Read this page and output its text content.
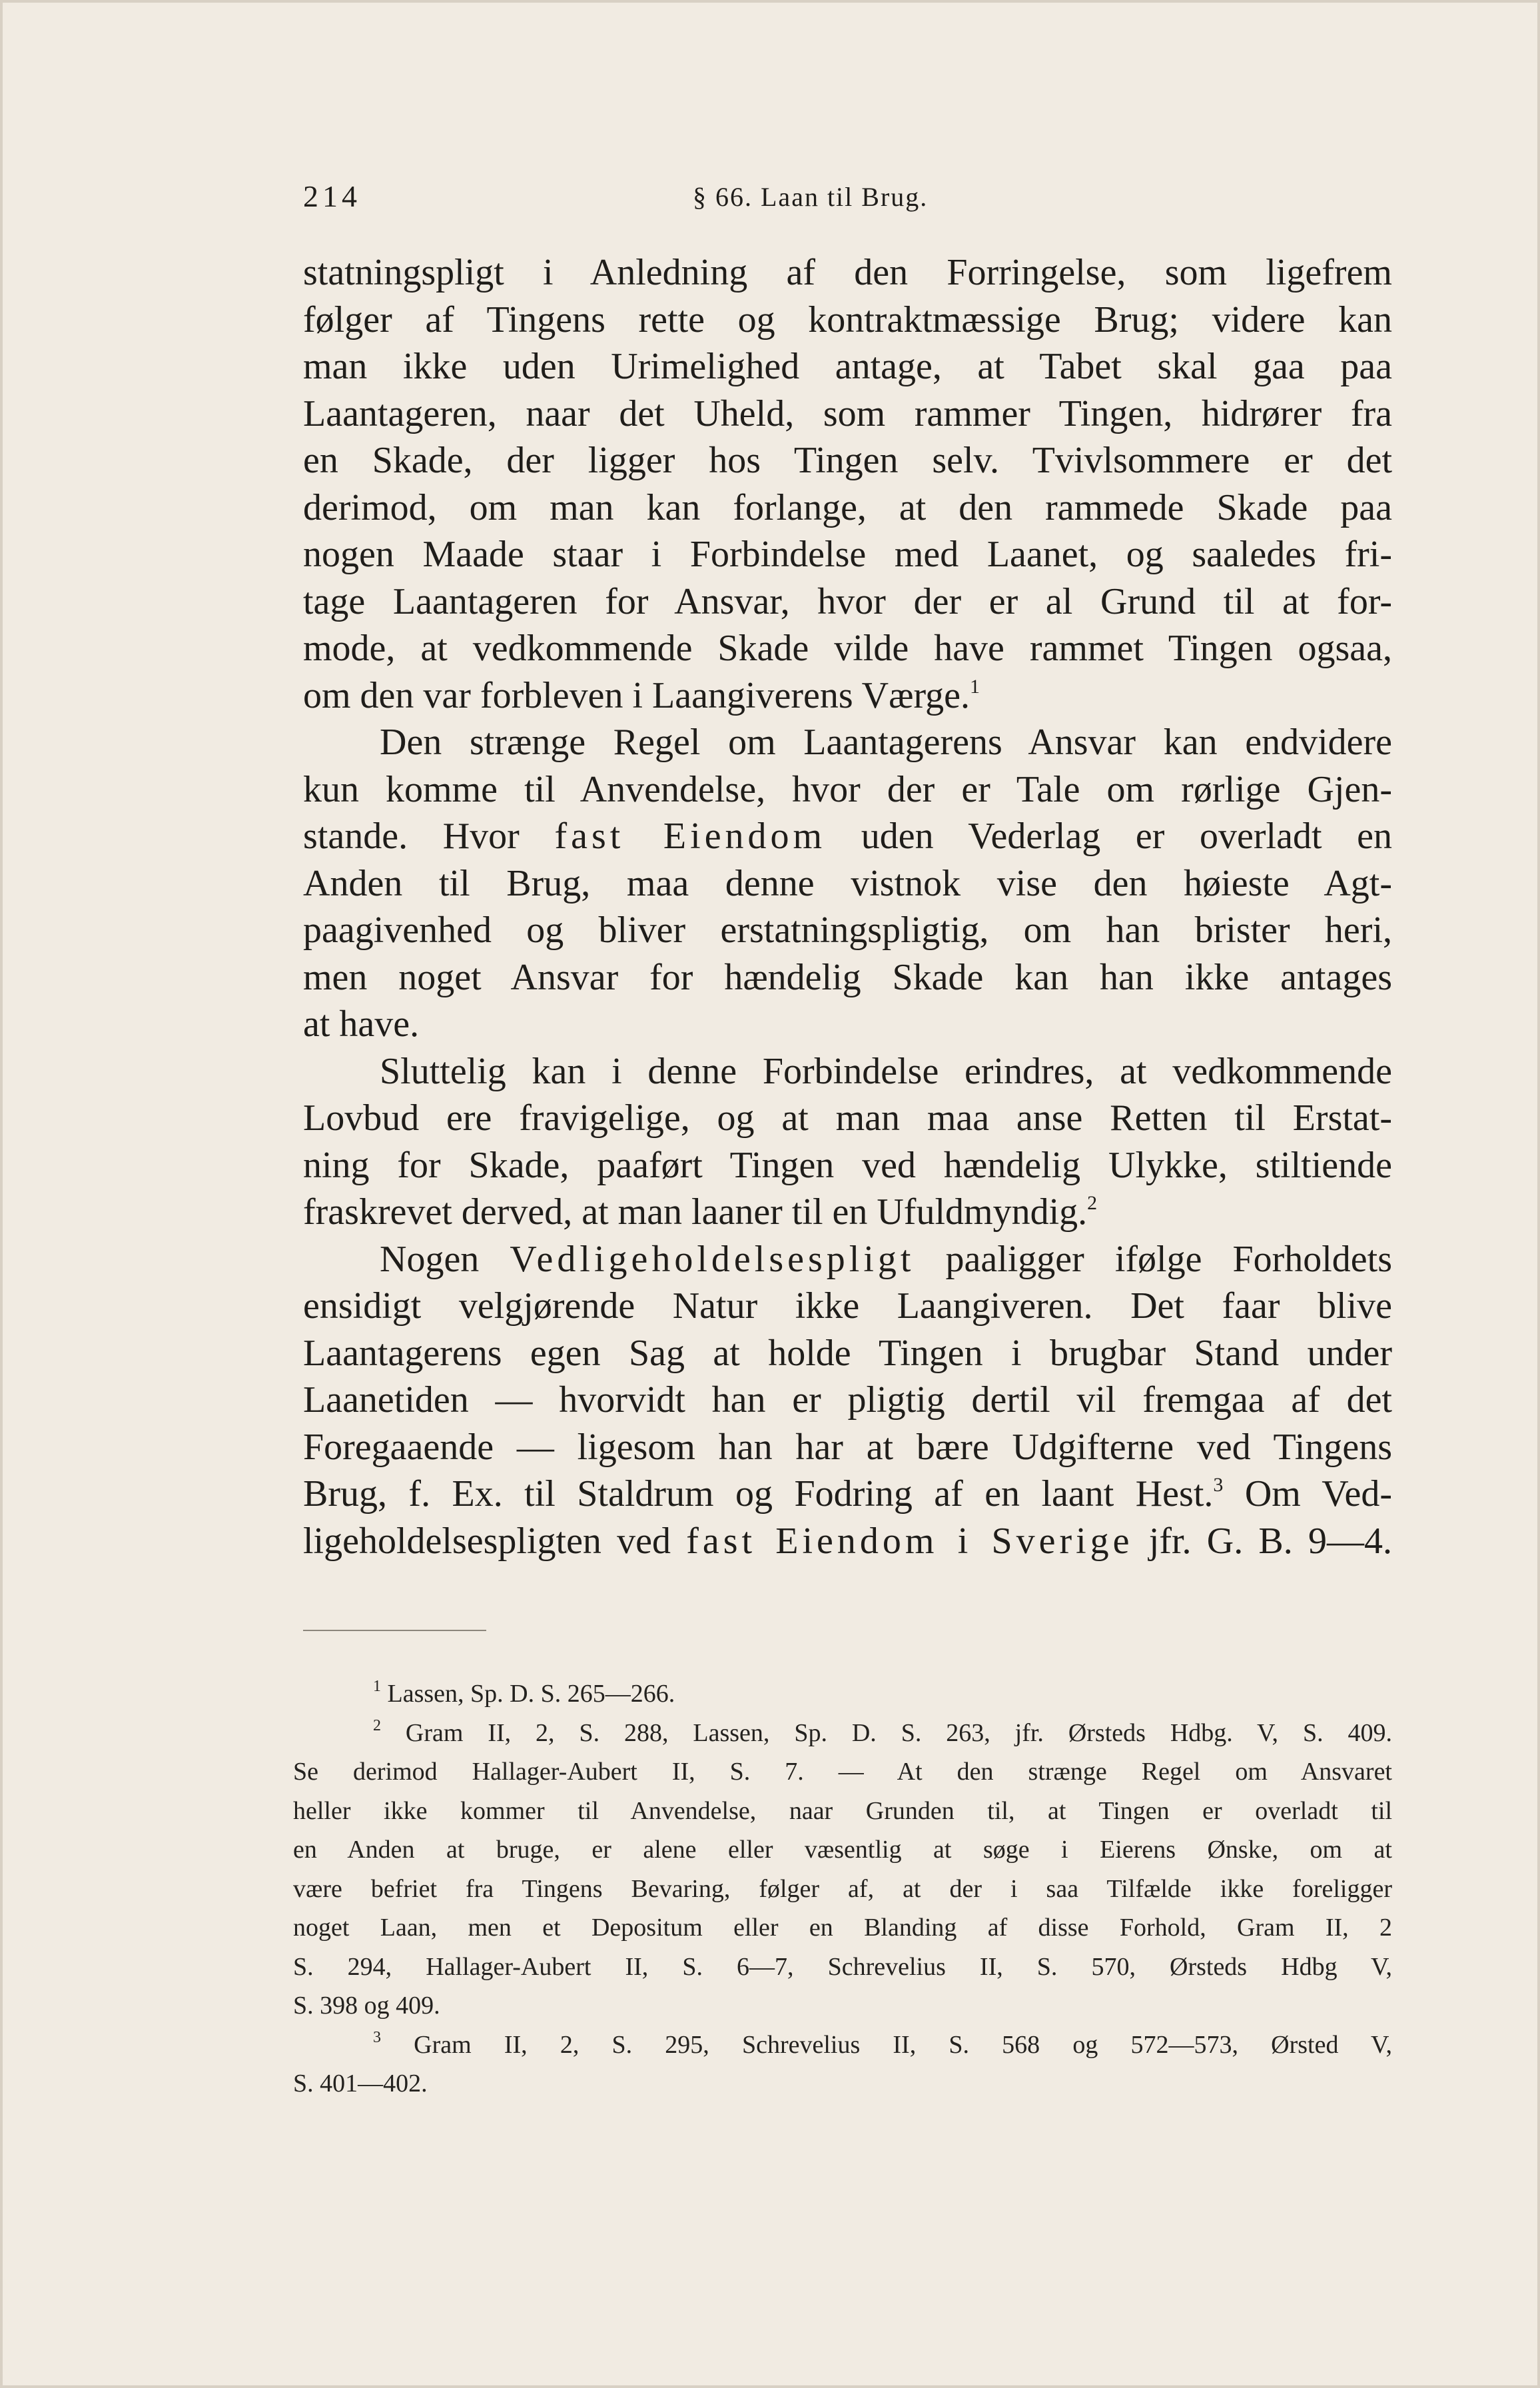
214	§ 66. Laan til Brug.
statningspligt i Anledning af den Forringelse, som ligefrem
følger af Tingens rette og kontraktmæssige Brug; videre kan
man ikke uden Urimelighed antage, at Tabet skal gaa paa
Laantageren, naar det Uheld, som rammer Tingen, hidrører fra
en Skade, der ligger hos Tingen selv. Tvivlsommere er det
derimod, om man kan forlange, at den rammede Skade paa
nogen Maade staar i Forbindelse med Laanet, og saaledes fri-
tage Laantageren for Ansvar, hvor der er al Grund til at for-
mode, at vedkommende Skade vilde have rammet Tingen ogsaa,
om den var forbleven i Laangiverens Værge.$^1$
Den strænge Regel om Laantagerens Ansvar kan endvidere
kun komme til Anvendelse, hvor der er Tale om rørlige Gjen-
stande. Hvor fast Eiendom uden Vederlag er overladt en
Anden til Brug, maa denne vistnok vise den høieste Agt-
paagivenhed og bliver erstatningspligtig, om han brister heri,
men noget Ansvar for hændelig Skade kan han ikke antages
at have.
Sluttelig kan i denne Forbindelse erindres, at vedkommende
Lovbud ere fravigelige, og at man maa anse Retten til Erstat-
ning for Skade, paaført Tingen ved hændelig Ulykke, stiltiende
fraskrevet derved, at man laaner til en Ufuldmyndig.$^2$
Nogen Vedligeholdelsespligt paaligger ifølge Forholdets
ensidigt velgjørende Natur ikke Laangiveren. Det faar blive
Laantagerens egen Sag at holde Tingen i brugbar Stand under
Laanetiden — hvorvidt han er pligtig dertil vil fremgaa af det
Foregaaende — ligesom han har at bære Udgifterne ved Tingens
Brug, f. Ex. til Staldrum og Fodring af en laant Hest.$^3$ Om Ved-
ligeholdelsespligten ved fast Eiendom i Sverige jfr. G. B. 9—4.
$^1$ Lassen, Sp. D. S. 265—266.
$^2$ Gram II, 2, S. 288, Lassen, Sp. D. S. 263, jfr. Ørsteds Hdbg. V, S. 409.
Se derimod Hallager-Aubert II, S. 7. — At den strænge Regel om Ansvaret
heller ikke kommer til Anvendelse, naar Grunden til, at Tingen er overladt til
en Anden at bruge, er alene eller væsentlig at søge i Eierens Ønske, om at
være befriet fra Tingens Bevaring, følger af, at der i saa Tilfælde ikke foreligger
noget Laan, men et Depositum eller en Blanding af disse Forhold, Gram II, 2
S. 294, Hallager-Aubert II, S. 6—7, Schrevelius II, S. 570, Ørsteds Hdbg V,
S. 398 og 409.
$^3$ Gram II, 2, S. 295, Schrevelius II, S. 568 og 572—573, Ørsted V,
S. 401—402.
